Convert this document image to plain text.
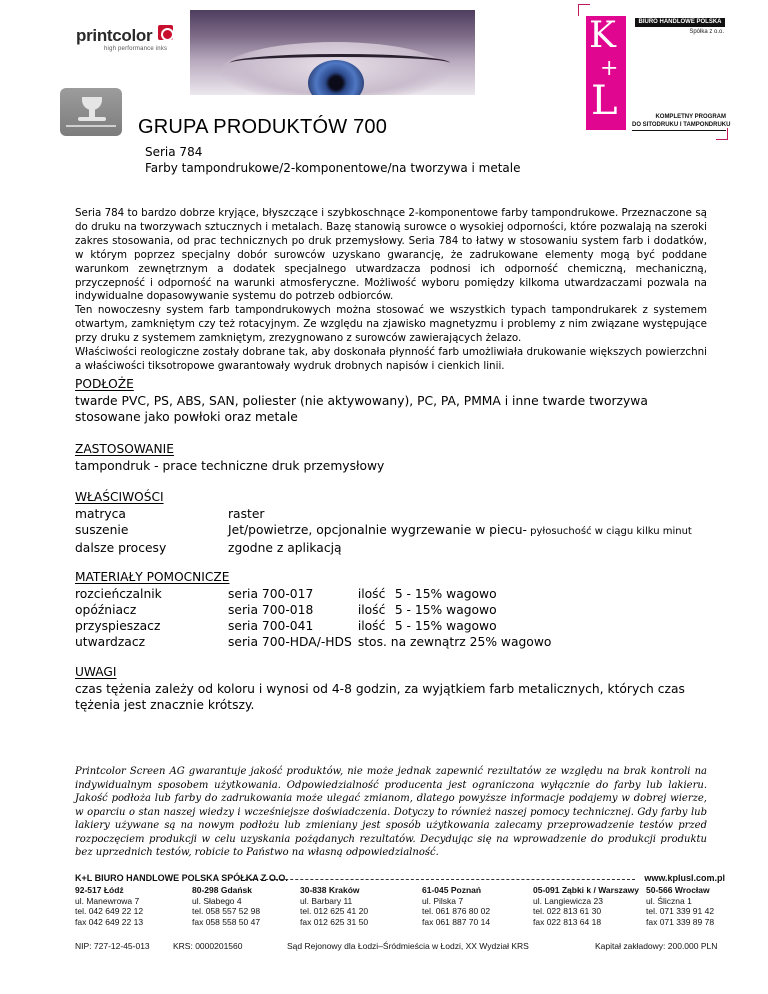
printcolor
high performance inks	K
+
L
BIURO HANDLOWE POLSKA
Spółka z o.o.
KOMPLETNY PROGRAM
DO SITODRUKU I TAMPONDRUKU
GRUPA PRODUKTÓW 700
Seria 784
Farby tampondrukowe/2-komponentowe/na tworzywa i metale

Seria 784 to bardzo dobrze kryjące, błyszczące i szybkoschnące 2-komponentowe farby tampondrukowe. Przeznaczone są do druku na tworzywach sztucznych i metalach. Bazę stanowią surowce o wysokiej odporności, które pozwalają na szeroki zakres stosowania, od prac technicznych po druk przemysłowy. Seria 784 to łatwy w stosowaniu system farb i dodatków, w którym poprzez specjalny dobór surowców uzyskano gwarancję, że zadrukowane elementy mogą być poddane warunkom zewnętrznym a dodatek specjalnego utwardzacza podnosi ich odporność chemiczną, mechaniczną, przyczepność i odporność na warunki atmosferyczne. Możliwość wyboru pomiędzy kilkoma utwardzaczami pozwala na indywidualne dopasowywanie systemu do potrzeb odbiorców.

Ten nowoczesny system farb tampondrukowych można stosować we wszystkich typach tampondrukarek z systemem otwartym, zamkniętym czy też rotacyjnym. Ze względu na zjawisko magnetyzmu i problemy z nim związane występujące przy druku z systemem zamkniętym, zrezygnowano z surowców zawierających żelazo.

Właściwości reologiczne zostały dobrane tak, aby doskonała płynność farb umożliwiała drukowanie większych powierzchni a właściwości tiksotropowe gwarantowały wydruk drobnych napisów i cienkich linii.

PODŁOŻE
twarde PVC, PS, ABS, SAN, poliester (nie aktywowany), PC, PA, PMMA i inne twarde tworzywa stosowane jako powłoki oraz metale
ZASTOSOWANIE
tampondruk - prace techniczne druk przemysłowy
WŁAŚCIWOŚCI
matryca	raster
suszenie	Jet/powietrze, opcjonalnie wygrzewanie w piecu- pyłosuchość w ciągu kilku minut
dalsze procesy	zgodne z aplikacją
MATERIAŁY POMOCNICZE
rozcieńczalnik	seria 700-017	ilość	5 - 15% wagowo
opóźniacz	seria 700-018	ilość	5 - 15% wagowo
przyspieszacz	seria 700-041	ilość	5 - 15% wagowo
utwardzacz	seria 700-HDA/-HDS	stos. na zewnątrz 25% wagowo	
UWAGI
czas tężenia zależy od koloru i wynosi od 4-8 godzin, za wyjątkiem farb metalicznych, których czas tężenia jest znacznie krótszy.
Printcolor Screen AG gwarantuje jakość produktów, nie może jednak zapewnić rezultatów ze względu na brak kontroli na indywidualnym sposobem użytkowania. Odpowiedzialność producenta jest ograniczona wyłącznie do farby lub lakieru. Jakość podłoża lub farby do zadrukowania może ulegać zmianom, dlatego powyższe informacje podajemy w dobrej wierze, w oparciu o stan naszej wiedzy i wcześniejsze doświadczenia. Dotyczy to również naszej pomocy technicznej. Gdy farby lub lakiery używane są na nowym podłożu lub zmieniany jest sposób użytkowania zalecamy przeprowadzenie testów przed rozpoczęciem produkcji w celu uzyskania pożądanych rezultatów. Decydując się na wprowadzenie do produkcji produktu bez uprzednich testów, robicie to Państwo na własną odpowiedzialność.
K+L BIURO HANDLOWE POLSKA SPÓŁKA Z O.O.	www.kplusl.com.pl
92-517 Łódź
ul. Manewrowa 7
tel. 042 649 22 12
fax 042 649 22 13
80-298 Gdańsk
ul. Słabego 4
tel. 058 557 52 98
fax 058 558 50 47
30-838 Kraków
ul. Barbary 11
tel. 012 625 41 20
fax 012 625 31 50
61-045 Poznań
ul. Pilska 7
tel. 061 876 80 02
fax 061 887 70 14
05-091 Ząbki k / Warszawy
ul. Langiewicza 23
tel. 022 813 61 30
fax 022 813 64 18
50-566 Wrocław
ul. Śliczna 1
tel. 071 339 91 42
fax 071 339 89 78
NIP: 727-12-45-013	KRS: 0000201560	Sąd Rejonowy dla Łodzi–Śródmieścia w Łodzi, XX Wydział KRS	Kapitał zakładowy: 200.000 PLN
